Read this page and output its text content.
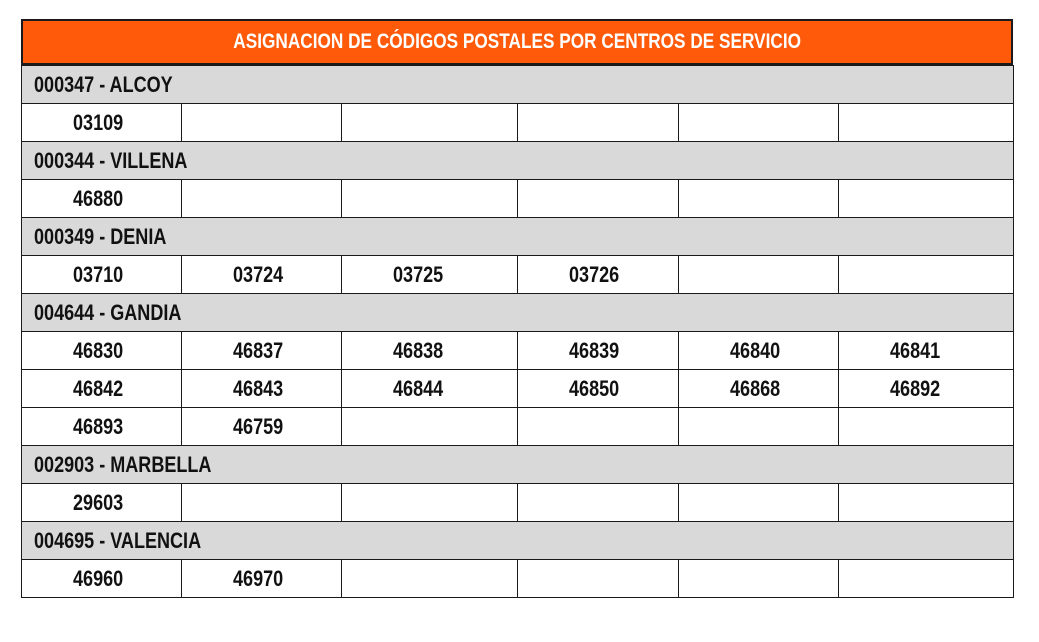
ASIGNACION DE CÓDIGOS POSTALES POR CENTROS DE SERVICIO
000347 - ALCOY					
03109					
000344 - VILLENA					
46880					
000349 - DENIA					
03710	03724	03725	03726		
004644 - GANDIA					
46830	46837	46838	46839	46840	46841
46842	46843	46844	46850	46868	46892
46893	46759				
002903 - MARBELLA					
29603					
004695 - VALENCIA					
46960	46970				
